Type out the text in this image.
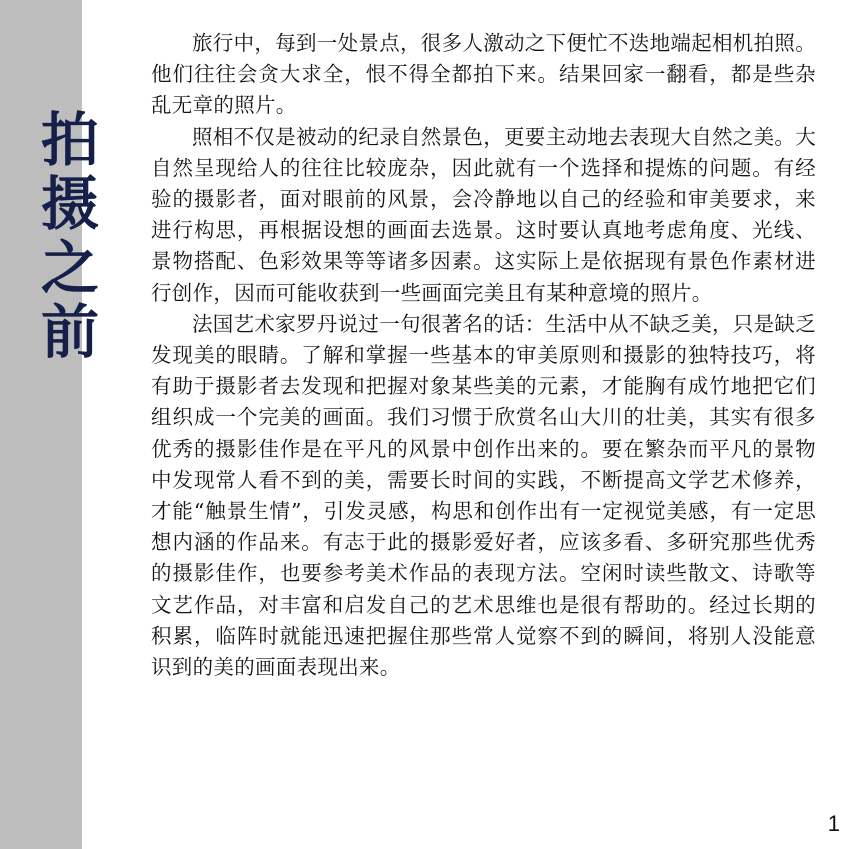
拍
摄
之
前

旅行中，每到一处景点，很多人激动之下便忙不迭地端起相机拍照。他们往往会贪大求全，恨不得全都拍下来。结果回家一翻看，都是些杂乱无章的照片。

照相不仅是被动的纪录自然景色，更要主动地去表现大自然之美。大自然呈现给人的往往比较庞杂，因此就有一个选择和提炼的问题。有经验的摄影者，面对眼前的风景，会冷静地以自己的经验和审美要求，来进行构思，再根据设想的画面去选景。这时要认真地考虑角度、光线、景物搭配、色彩效果等等诸多因素。这实际上是依据现有景色作素材进行创作，因而可能收获到一些画面完美且有某种意境的照片。

法国艺术家罗丹说过一句很著名的话：生活中从不缺乏美，只是缺乏发现美的眼睛。了解和掌握一些基本的审美原则和摄影的独特技巧，将有助于摄影者去发现和把握对象某些美的元素，才能胸有成竹地把它们组织成一个完美的画面。我们习惯于欣赏名山大川的壮美，其实有很多优秀的摄影佳作是在平凡的风景中创作出来的。要在繁杂而平凡的景物中发现常人看不到的美，需要长时间的实践，不断提高文学艺术修养，才能“触景生情”，引发灵感，构思和创作出有一定视觉美感，有一定思想内涵的作品来。有志于此的摄影爱好者，应该多看、多研究那些优秀的摄影佳作，也要参考美术作品的表现方法。空闲时读些散文、诗歌等文艺作品，对丰富和启发自己的艺术思维也是很有帮助的。经过长期的积累，临阵时就能迅速把握住那些常人觉察不到的瞬间，将别人没能意识到的美的画面表现出来。

1
